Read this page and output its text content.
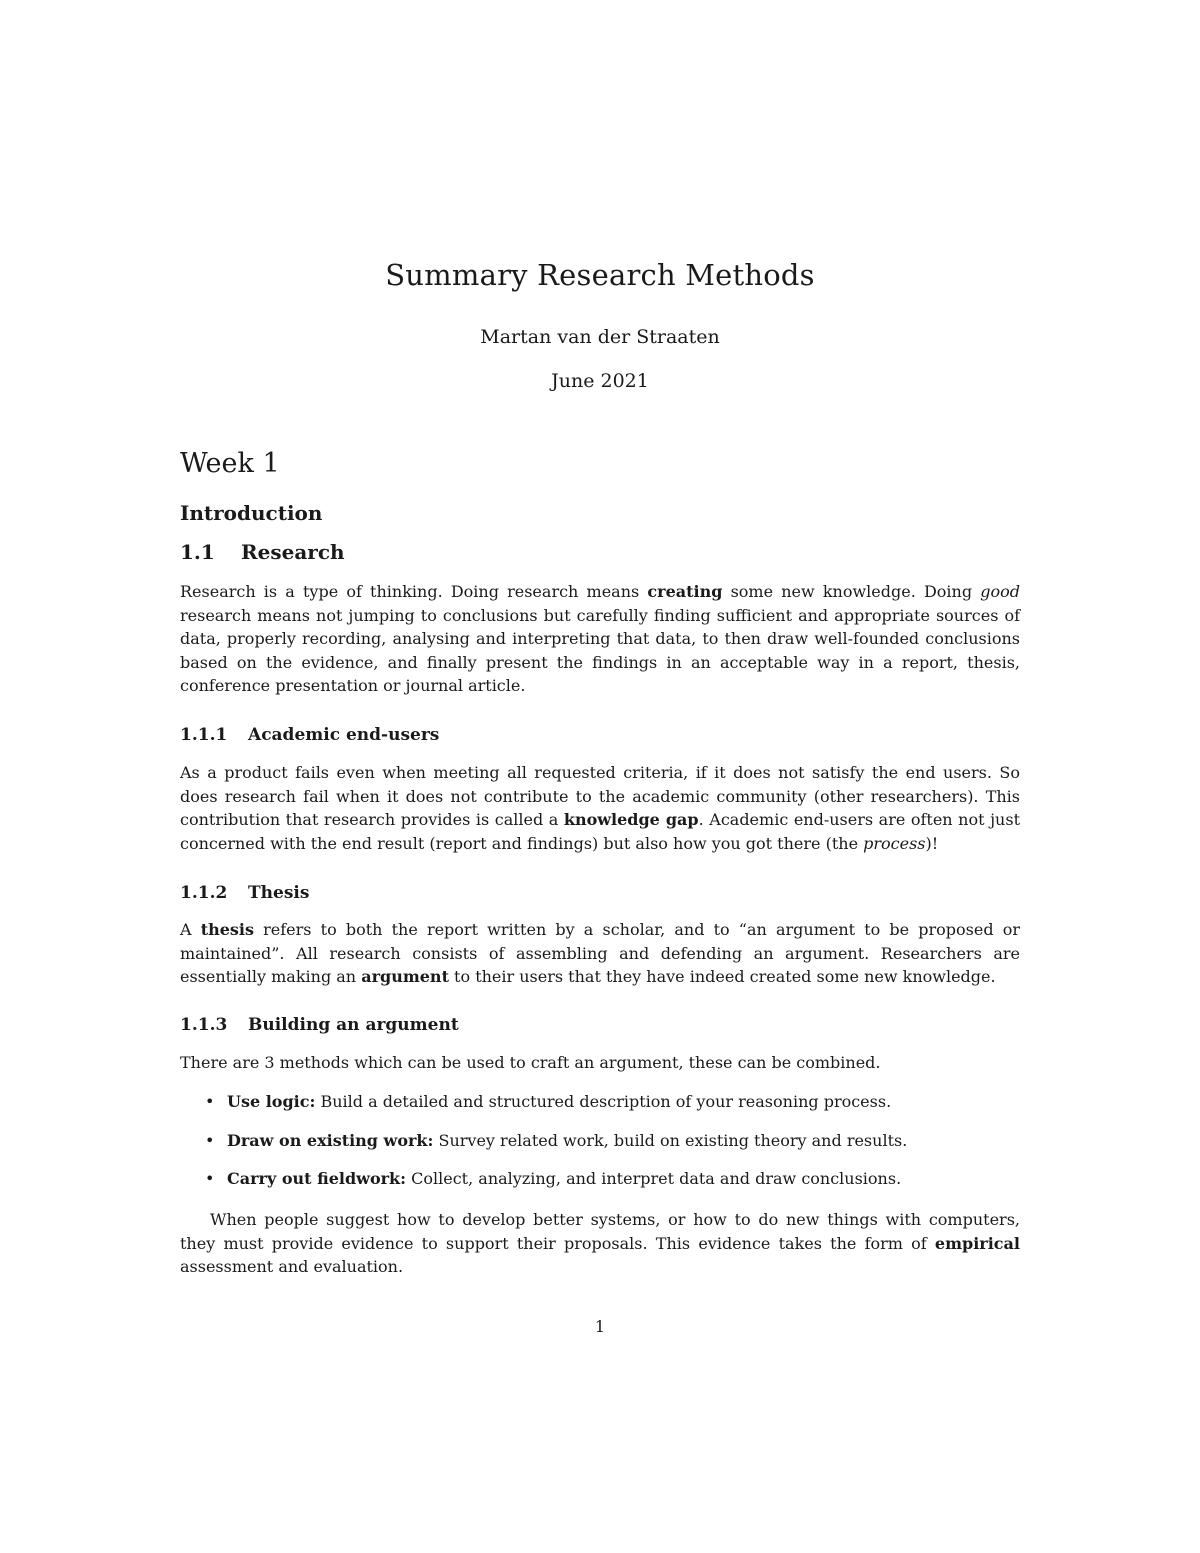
Summary Research Methods
Martan van der Straaten
June 2021
Week 1
Introduction
1.1 Research

Research is a type of thinking. Doing research means creating some new knowledge. Doing good research means not jumping to conclusions but carefully finding sufficient and appropriate sources of data, properly recording, analysing and interpreting that data, to then draw well-founded conclusions based on the evidence, and finally present the findings in an acceptable way in a report, thesis, conference presentation or journal article.

1.1.1 Academic end-users

As a product fails even when meeting all requested criteria, if it does not satisfy the end users. So does research fail when it does not contribute to the academic community (other researchers). This contribution that research provides is called a knowledge gap. Academic end-users are often not just concerned with the end result (report and findings) but also how you got there (the process)!

1.1.2 Thesis

A thesis refers to both the report written by a scholar, and to “an argument to be proposed or maintained”. All research consists of assembling and defending an argument. Researchers are essentially making an argument to their users that they have indeed created some new knowledge.

1.1.3 Building an argument

There are 3 methods which can be used to craft an argument, these can be combined.

• Use logic: Build a detailed and structured description of your reasoning process.
• Draw on existing work: Survey related work, build on existing theory and results.
• Carry out fieldwork: Collect, analyzing, and interpret data and draw conclusions.

When people suggest how to develop better systems, or how to do new things with computers, they must provide evidence to support their proposals. This evidence takes the form of empirical assessment and evaluation.

1
